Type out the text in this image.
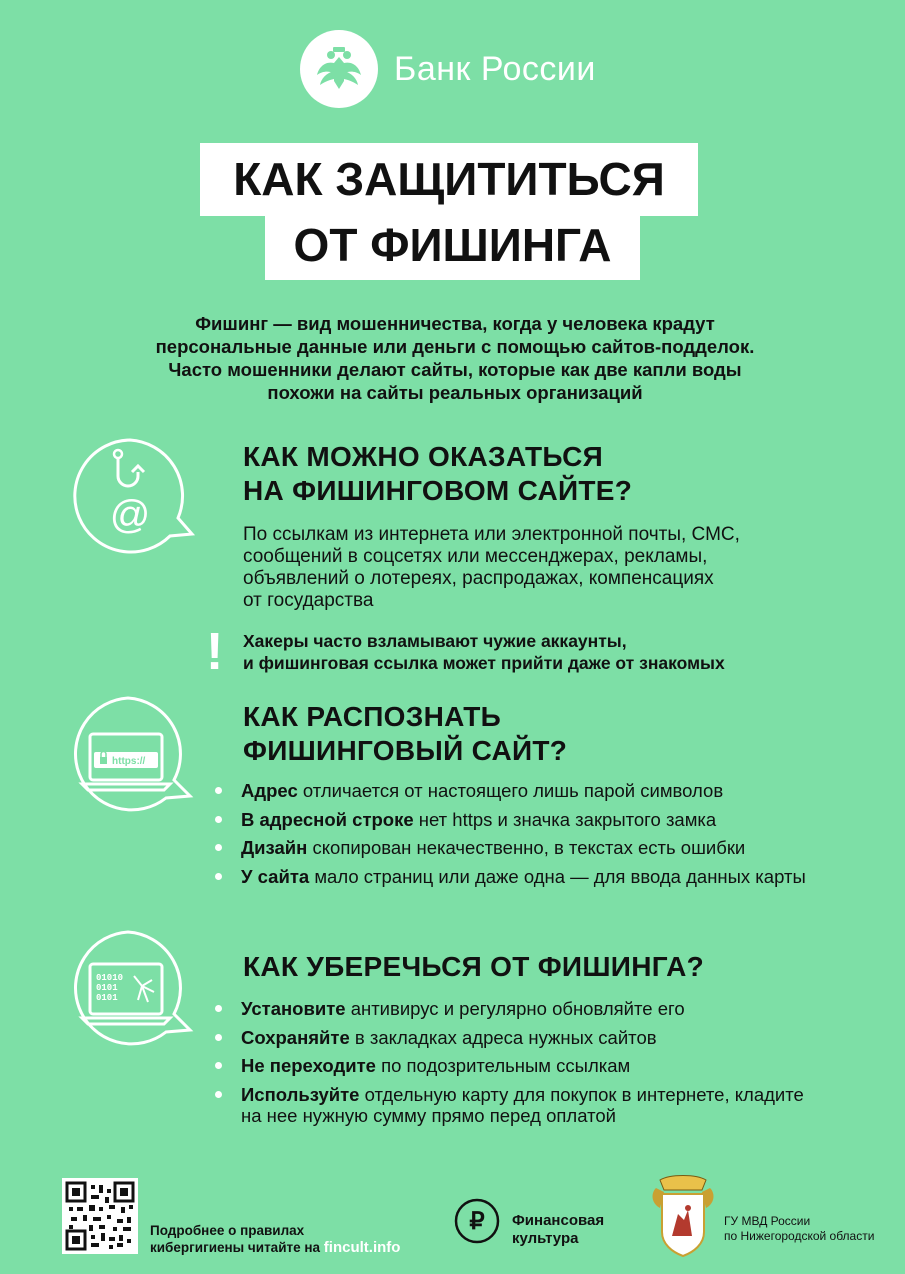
Банк России
КАК ЗАЩИТИТЬСЯ
ОТ ФИШИНГА
Фишинг — вид мошенничества, когда у человека крадут
персональные данные или деньги с помощью сайтов-подделок.
Часто мошенники делают сайты, которые как две капли воды
похожи на сайты реальных организаций
@
КАК МОЖНО ОКАЗАТЬСЯ
НА ФИШИНГОВОМ САЙТЕ?
По ссылкам из интернета или электронной почты, СМС,
сообщений в соцсетях или мессенджерах, рекламы,
объявлений о лотереях, распродажах, компенсациях
от государства
! Хакеры часто взламывают чужие аккаунты,
и фишинговая ссылка может прийти даже от знакомых
https://
КАК РАСПОЗНАТЬ
ФИШИНГОВЫЙ САЙТ?
Адрес отличается от настоящего лишь парой символов
В адресной строке нет https и значка закрытого замка
Дизайн скопирован некачественно, в текстах есть ошибки
У сайта мало страниц или даже одна — для ввода данных карты
01010
0101
0101
КАК УБЕРЕЧЬСЯ ОТ ФИШИНГА?
Установите антивирус и регулярно обновляйте его
Сохраняйте в закладках адреса нужных сайтов
Не переходите по подозрительным ссылкам
Используйте отдельную карту для покупок в интернете, кладите на нее нужную сумму прямо перед оплатой
Подробнее о правилах
кибергигиены читайте на fincult.info
₽ Финансовая
культура
ГУ МВД России
по Нижегородской области
